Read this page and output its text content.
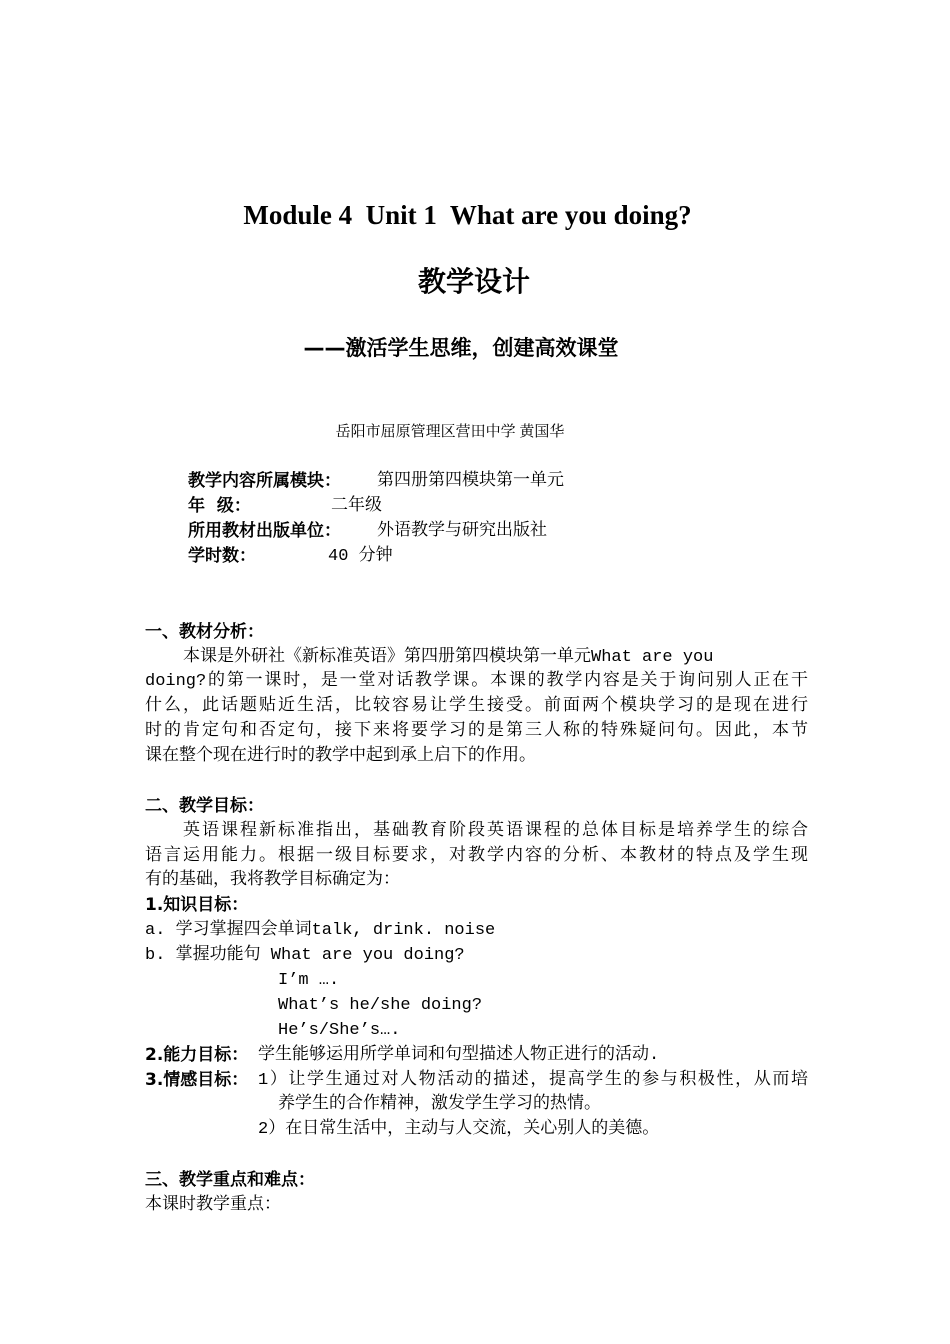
Module 4  Unit 1  What are you doing?
教学设计
——激活学生思维，创建高效课堂
岳阳市屈原管理区营田中学 黄国华
教学内容所属模块： 第四册第四模块第一单元
年  级：	二年级
所用教材出版单位： 外语教学与研究出版社
学时数：	40 分钟
一、教材分析：
本课是外研社《新标准英语》第四册第四模块第一单元What are you
doing?的第一课时，是一堂对话教学课。本课的教学内容是关于询问别人正在干
什么，此话题贴近生活，比较容易让学生接受。前面两个模块学习的是现在进行
时的肯定句和否定句，接下来将要学习的是第三人称的特殊疑问句。因此，本节
课在整个现在进行时的教学中起到承上启下的作用。
二、教学目标：
英语课程新标准指出，基础教育阶段英语课程的总体目标是培养学生的综合
语言运用能力。根据一级目标要求，对教学内容的分析、本教材的特点及学生现
有的基础，我将教学目标确定为：
1.知识目标：
a. 学习掌握四会单词talk, drink. noise
b. 掌握功能句 What are you doing?
I’m ….
What’s he/she doing?
He’s/She’s….
2.能力目标： 学生能够运用所学单词和句型描述人物正进行的活动.
3.情感目标： 1）让学生通过对人物活动的描述，提高学生的参与积极性，从而培
养学生的合作精神，激发学生学习的热情。
2）在日常生活中，主动与人交流，关心别人的美德。
三、教学重点和难点：
本课时教学重点：
